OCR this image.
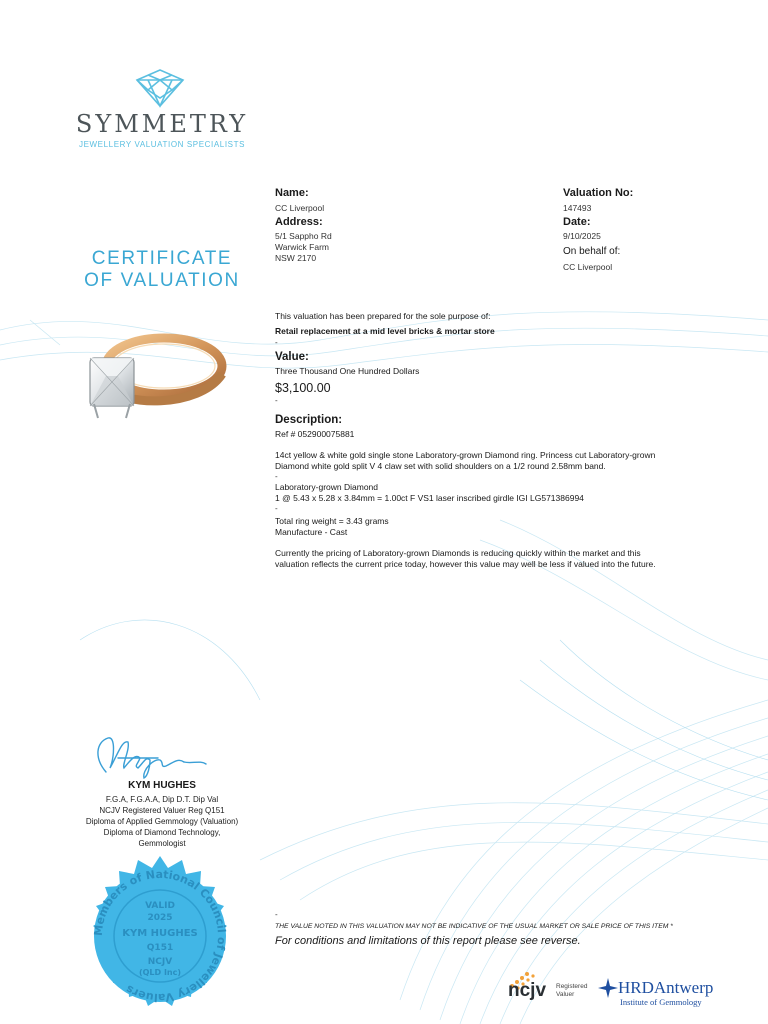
SYMMETRY
JEWELLERY VALUATION SPECIALISTS
CERTIFICATE
OF VALUATION
Name:
CC Liverpool
Address:
5/1 Sappho Rd
Warwick Farm
NSW 2170
Valuation No:
147493
Date:
9/10/2025
On behalf of:
CC Liverpool
This valuation has been prepared for the sole purpose of:
Retail replacement at a mid level bricks & mortar store
-
Value:
Three Thousand One Hundred Dollars
$3,100.00
-
Description:
Ref # 052900075881
14ct yellow & white gold single stone Laboratory-grown Diamond ring. Princess cut Laboratory-grown
Diamond white gold split V 4 claw set with solid shoulders on a 1/2 round 2.58mm band.
-
Laboratory-grown Diamond
1 @ 5.43 x 5.28 x 3.84mm = 1.00ct F VS1 laser inscribed girdle IGI LG571386994
-
Total ring weight = 3.43 grams
Manufacture - Cast
Currently the pricing of Laboratory-grown Diamonds is reducing quickly within the market and this
valuation reflects the current price today, however this value may well be less if valued into the future.
KYM HUGHES
F.G.A, F.G.A.A, Dip D.T. Dip Val
NCJV Registered Valuer Reg Q151
Diploma of Applied Gemmology (Valuation)
Diploma of Diamond Technology,
Gemmologist
Members of National Council of Jewellery Valuers
VALID
2025
KYM HUGHES
Q151
NCJV
(QLD Inc)
-
THE VALUE NOTED IN THIS VALUATION MAY NOT BE INDICATIVE OF THE USUAL MARKET OR SALE PRICE OF THIS ITEM *
For conditions and limitations of this report please see reverse.
ncjv Registered
Valuer	HRDAntwerp
Institute of Gemmology
